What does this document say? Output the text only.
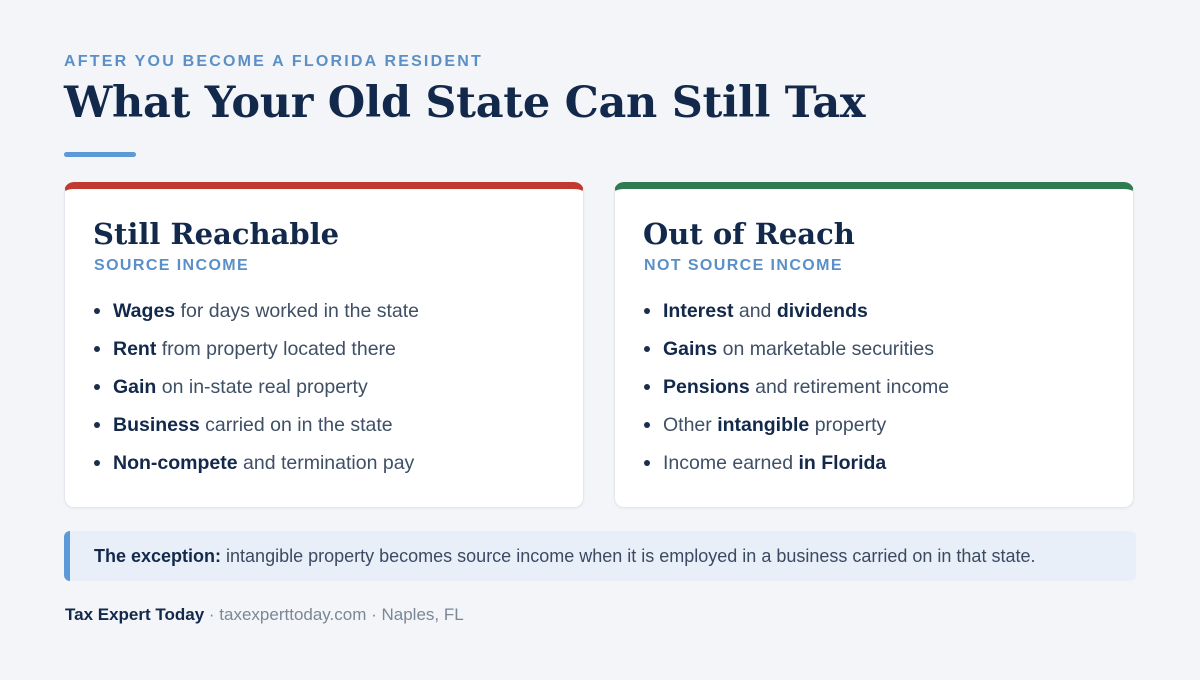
AFTER YOU BECOME A FLORIDA RESIDENT
What Your Old State Can Still Tax
Still Reachable
SOURCE INCOME
Wages for days worked in the state
Rent from property located there
Gain on in-state real property
Business carried on in the state
Non-compete and termination pay
Out of Reach
NOT SOURCE INCOME
Interest and dividends
Gains on marketable securities
Pensions and retirement income
Other intangible property
Income earned in Florida
The exception: intangible property becomes source income when it is employed in a business carried on in that state.
Tax Expert Today · taxexperttoday.com · Naples, FL
